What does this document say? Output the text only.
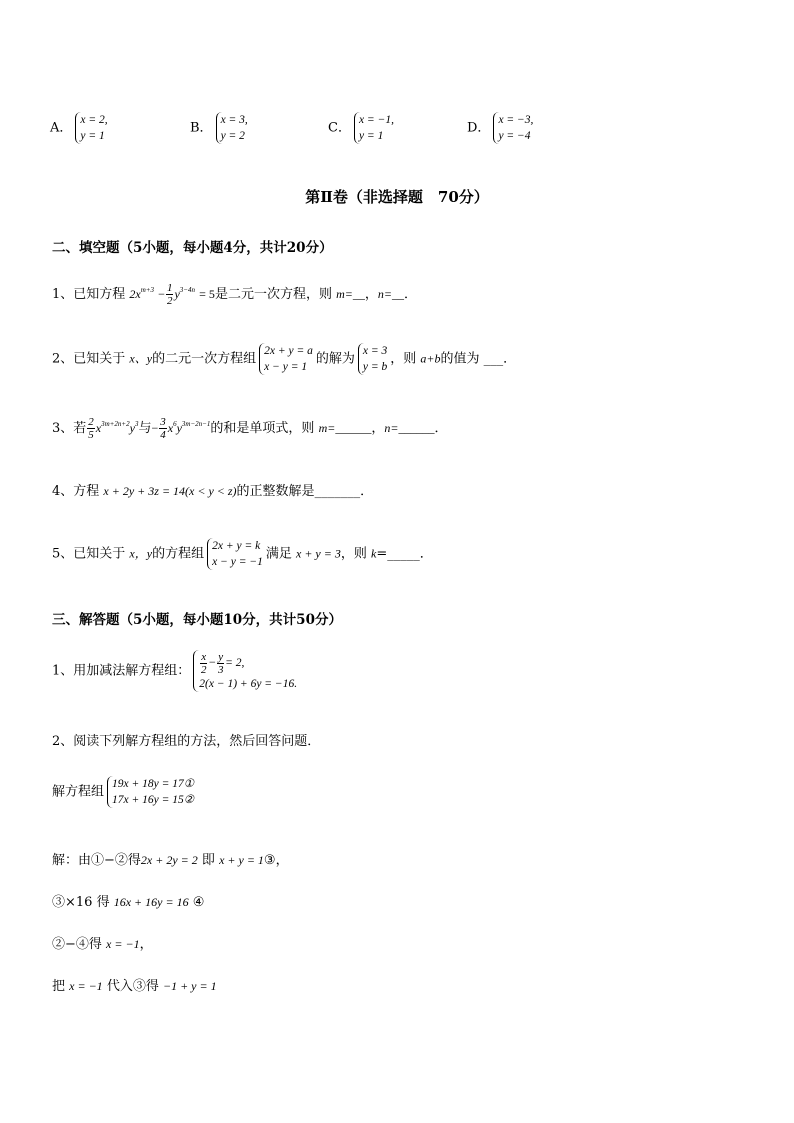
A．
x = 2,
y = 1
B．
x = 3,
y = 2
C．
x = −1,
y = 1
D．
x = −3,
y = −4
第Ⅱ卷（非选择题　70分）
二、填空题（5小题，每小题4分，共计20分）
1、已知方程 $2x^{m+3} - \frac{1}{2} y^{3-4n} = 5$是二元一次方程，则 m=__，n=__．
2、已知关于 x、y的二元一次方程组
2x + y = a
x − y = 1
的解为
x = 3
y = b
，则 a+b的值为 ___．
3、若 $\frac{2}{5} x^{3m+2n+2}y^3$与− $\frac{3}{4} x^6y^{3m-2n-1}$的和是单项式，则 m=______，n=______．
4、方程 x + 2y + 3z = 14(x < y < z)的正整数解是_______．
5、已知关于 x，y的方程组
2x + y = k
x − y = −1
满足 x + y = 3，则 k=_____．
三、解答题（5小题，每小题10分，共计50分）
1、用加减法解方程组： $\frac{x}{2} - \frac{y}{3} = 2$,
2(x − 1) + 6y = −16.
2、阅读下列解方程组的方法，然后回答问题．
解方程组
19x + 18y = 17①
17x + 16y = 15②
解：由①−②得2x + 2y = 2 即 x + y = 1③，
③×16 得 16x + 16y = 16 ④
②−④得 x = −1，
把 x = −1 代入③得 −1 + y = 1
